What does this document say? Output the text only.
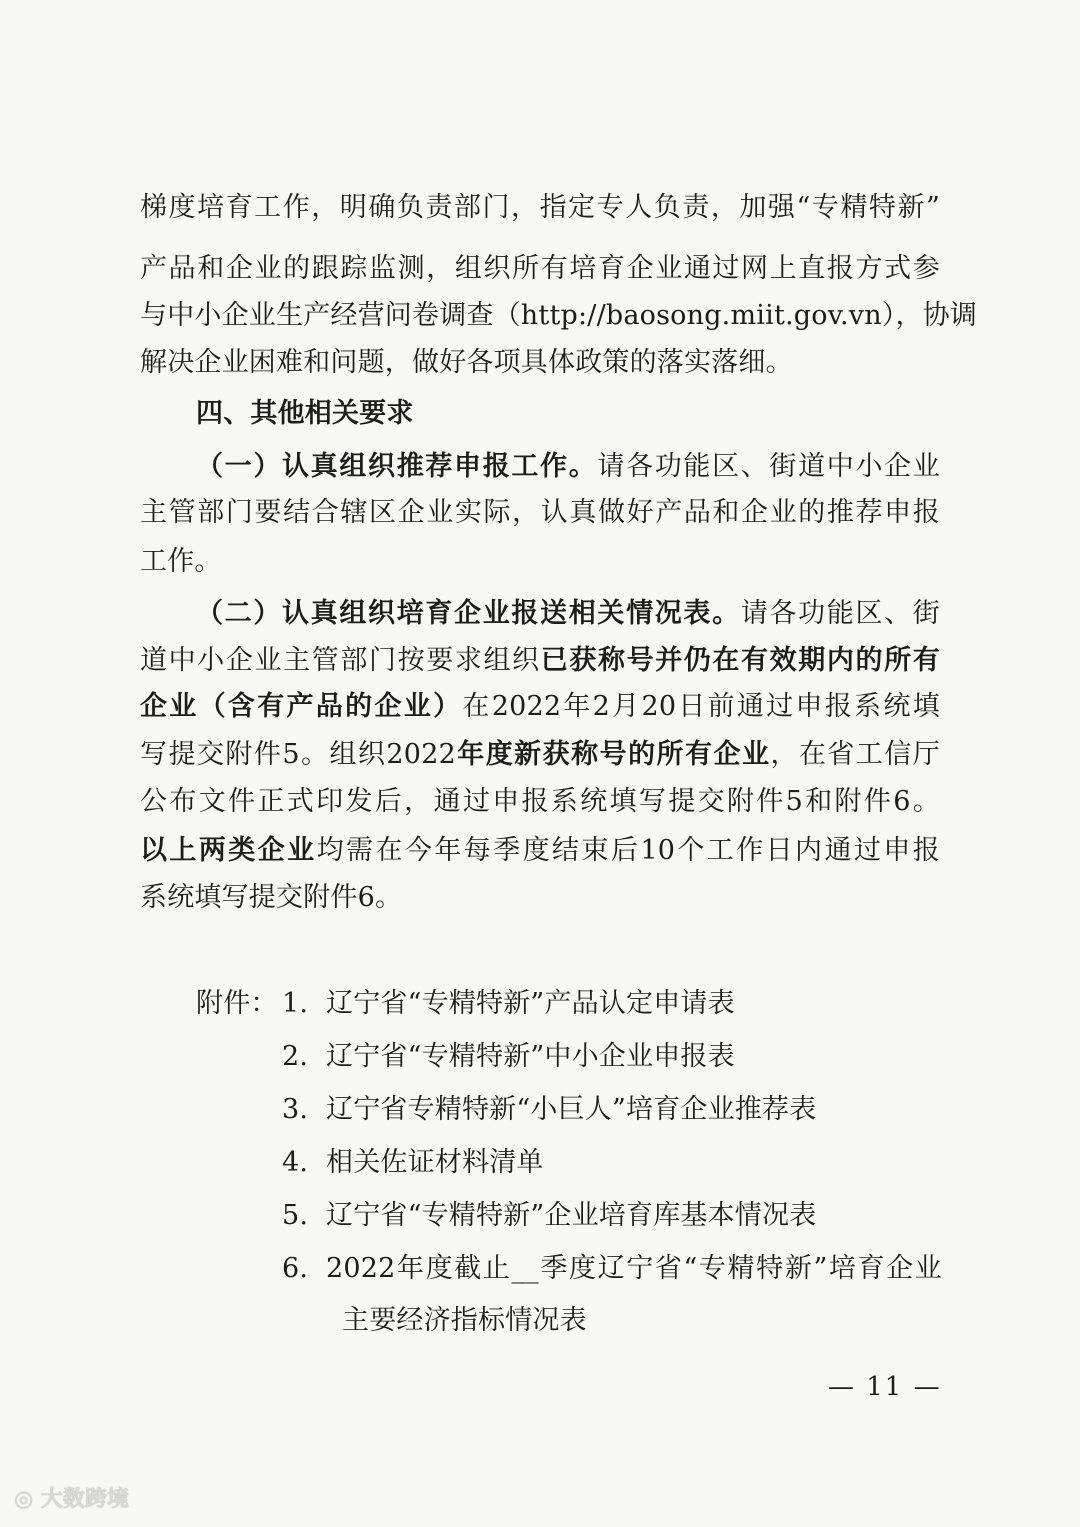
梯度培育工作，明确负责部门，指定专人负责，加强“专精特新”
产品和企业的跟踪监测，组织所有培育企业通过网上直报方式参
与中小企业生产经营问卷调查（http://baosong.miit.gov.vn），协调
解决企业困难和问题，做好各项具体政策的落实落细。
四、其他相关要求
（一）认真组织推荐申报工作。请各功能区、街道中小企业
主管部门要结合辖区企业实际，认真做好产品和企业的推荐申报
工作。
（二）认真组织培育企业报送相关情况表。请各功能区、街
道中小企业主管部门按要求组织已获称号并仍在有效期内的所有
企业（含有产品的企业）在2022年2月20日前通过申报系统填
写提交附件5。组织2022年度新获称号的所有企业，在省工信厅
公布文件正式印发后，通过申报系统填写提交附件5和附件6。
以上两类企业均需在今年每季度结束后10个工作日内通过申报
系统填写提交附件6。
附件： 1. 辽宁省“专精特新”产品认定申请表
2. 辽宁省“专精特新”中小企业申报表
3. 辽宁省专精特新“小巨人”培育企业推荐表
4. 相关佐证材料清单
5. 辽宁省“专精特新”企业培育库基本情况表
6. 2022年度截止__季度辽宁省“专精特新”培育企业
主要经济指标情况表
— 11 —
◎ 大数跨境
